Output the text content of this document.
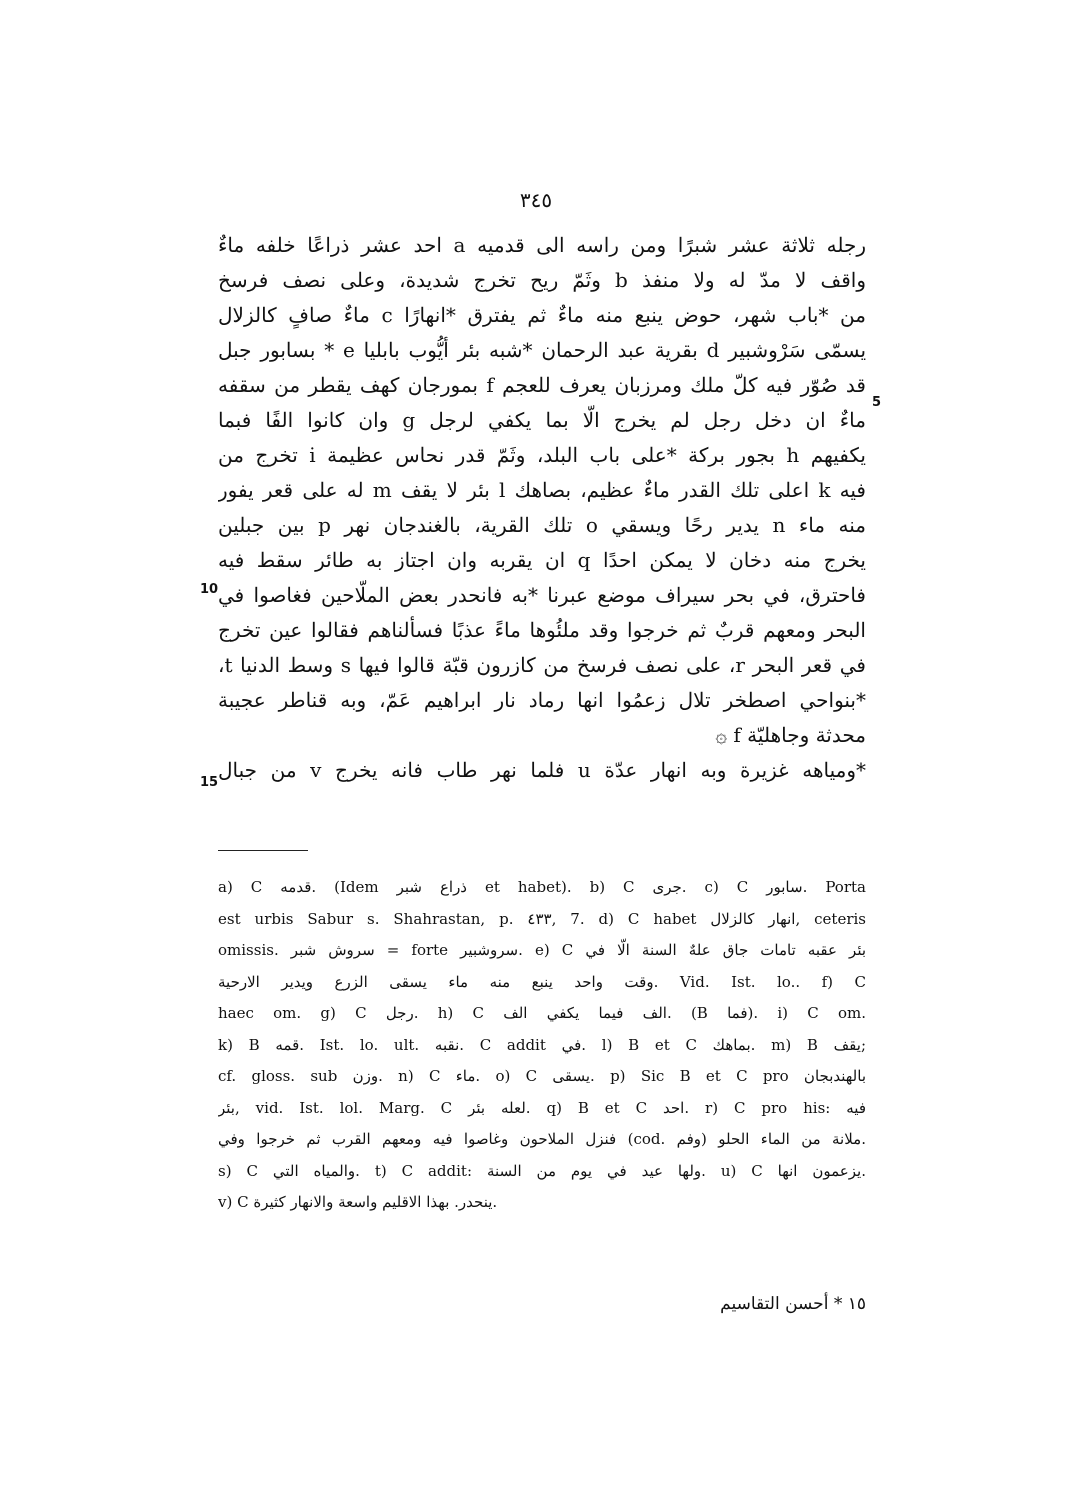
٣٤٥
رجله ثلاثة عشر شبرًا ومن راسه الى قدميه a احد عشر ذراعًا خلفه ماءٌ
واقف لا مدّ له ولا منفذ b وثَمّ ريح تخرج شديدة، وعلى نصف فرسخ
من *باب شهر، حوض ينبع منه ماءٌ ثم يفترق *انهارًا c ماءٌ صافٍ كالزلال
يسمّى سَرْوشبير d بقرية عبد الرحمان *شبه بئر أيُّوب بابليا e * بسابور جبل
قد صُوّر فيه كلّ ملك ومرزبان يعرف للعجم f بمورجان كهف يقطر من سقفه
ماءٌ ان دخل رجل لم يخرج الّا بما يكفي لرجل g وان كانوا الفًا فبما
يكفيهم h بجور بركة *على باب البلد، وثَمّ قدر نحاس عظيمة i تخرج من
فيه k اعلى تلك القدر ماءٌ عظيم، بصاهك l بئر لا يقف m له على قعر يفور
منه ماء n يدير رحًا ويسقي o تلك القرية، بالغندجان نهر p بين جبلين
يخرج منه دخان لا يمكن احدًا q ان يقربه وان اجتاز به طائر سقط فيه
فاحترق، في بحر سيراف موضع عبرنا *به فانحدر بعض الملّاحين فغاصوا في
البحر ومعهم قربٌ ثم خرجوا وقد ملئُوها ماءً عذبًا فسألناهم فقالوا عين تخرج
في قعر البحر r، على نصف فرسخ من كازرون قبّة قالوا فيها s وسط الدنيا t،
*بنواحي اصطخر تلال زعمُوا انها رماد نار ابراهيم عَمّ، وبه قناطر عجيبة
محدثة وجاهليّة f ۞
*ومياهه غزيرة وبه انهار عدّة u فلما نهر طاب فانه يخرج v من جبال
5
10
15
a) C قدمه. (Idem ذراع شبر et habet). b) C جرى. c) C سابور. Porta
est urbis Sabur s. Shahrastan, p. ٤٣٣, 7. d) C habet انهار كالزلال, ceteris
omissis. سروش شبر = forte سروشبير. e) C بئر عقبه تامات جاق علهٌ السنة الّا في
وقت واحد ينبع منه ماء يسقى الزرع ويدير الارحية. Vid. Ist. lo.. f) C
haec om. g) C رجل. h) C الف فيما يكفي الف. (B فما). i) C om.
k) B قمه. Ist. lo. ult. نقبه. C addit في. l) B et C بماهك. m) B يقف;
cf. gloss. sub وزن. n) C ماء. o) C يسقى. p) Sic B et C pro بالهندبجان
بئر, vid. Ist. lol. Marg. C لعله بئر. q) B et C احد. r) C pro his: فيه
فنزل الملاحون وغاصوا فيه ومعهم القرب ثم خرجوا وفي (cod. وفم) ملانة من الماء الحلو.
s) C والمياه التي. t) C addit: ولها عيد في يوم من السنة. u) C يزعمون انها.
v) C ينحدر. بهذا الاقليم واسعة والانهار كثيرة.
١٥ * أحسن التقاسيم
